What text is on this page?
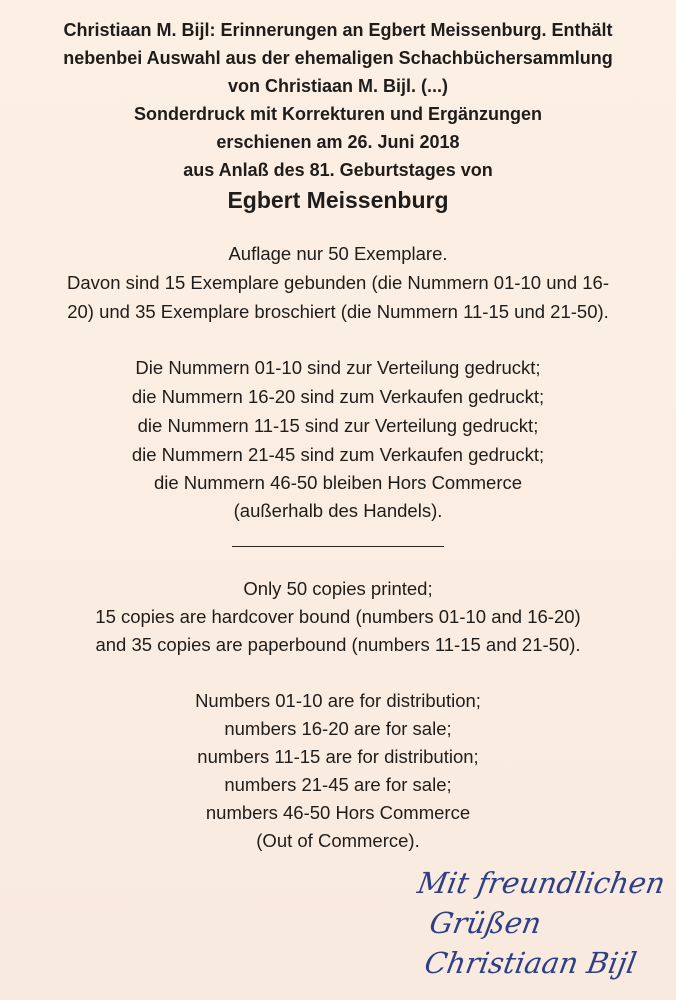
Christiaan M. Bijl: Erinnerungen an Egbert Meissenburg. Enthält
nebenbei Auswahl aus der ehemaligen Schachbüchersammlung
von Christiaan M. Bijl. (...)
Sonderdruck mit Korrekturen und Ergänzungen
erschienen am 26. Juni 2018
aus Anlaß des 81. Geburtstages von
Egbert Meissenburg
Auflage nur 50 Exemplare.
Davon sind 15 Exemplare gebunden (die Nummern 01-10 und 16-
20) und 35 Exemplare broschiert (die Nummern 11-15 und 21-50).
Die Nummern 01-10 sind zur Verteilung gedruckt;
die Nummern 16-20 sind zum Verkaufen gedruckt;
die Nummern 11-15 sind zur Verteilung gedruckt;
die Nummern 21-45 sind zum Verkaufen gedruckt;
die Nummern 46-50 bleiben Hors Commerce
(außerhalb des Handels).
Only 50 copies printed;
15 copies are hardcover bound (numbers 01-10 and 16-20)
and 35 copies are paperbound (numbers 11-15 and 21-50).
Numbers 01-10 are for distribution;
numbers 16-20 are for sale;
numbers 11-15 are for distribution;
numbers 21-45 are for sale;
numbers 46-50 Hors Commerce
(Out of Commerce).
Mit freundlichen
Grüßen
Christiaan Bijl
